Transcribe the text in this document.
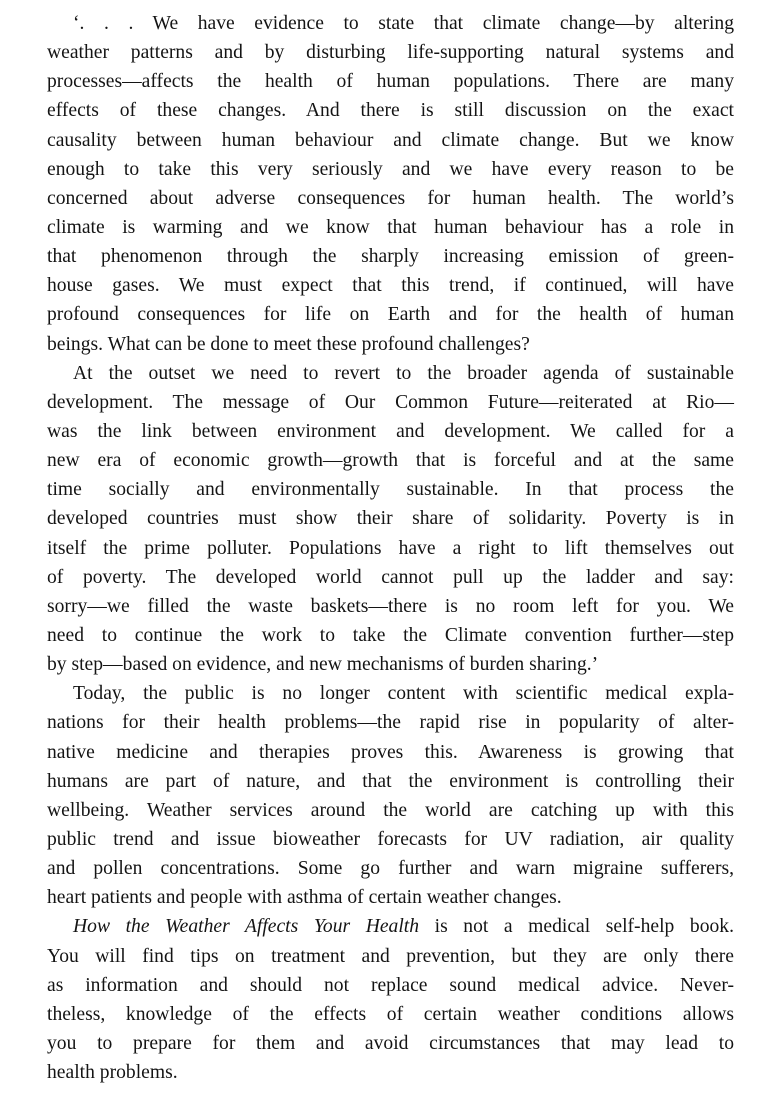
‘. . . We have evidence to state that climate change—by altering
weather patterns and by disturbing life-supporting natural systems and
processes—affects the health of human populations. There are many
effects of these changes. And there is still discussion on the exact
causality between human behaviour and climate change. But we know
enough to take this very seriously and we have every reason to be
concerned about adverse consequences for human health. The world’s
climate is warming and we know that human behaviour has a role in
that phenomenon through the sharply increasing emission of green-
house gases. We must expect that this trend, if continued, will have
profound consequences for life on Earth and for the health of human
beings. What can be done to meet these profound challenges?
At the outset we need to revert to the broader agenda of sustainable
development. The message of Our Common Future—reiterated at Rio—
was the link between environment and development. We called for a
new era of economic growth—growth that is forceful and at the same
time socially and environmentally sustainable. In that process the
developed countries must show their share of solidarity. Poverty is in
itself the prime polluter. Populations have a right to lift themselves out
of poverty. The developed world cannot pull up the ladder and say:
sorry—we filled the waste baskets—there is no room left for you. We
need to continue the work to take the Climate convention further—step
by step—based on evidence, and new mechanisms of burden sharing.’
Today, the public is no longer content with scientific medical expla-
nations for their health problems—the rapid rise in popularity of alter-
native medicine and therapies proves this. Awareness is growing that
humans are part of nature, and that the environment is controlling their
wellbeing. Weather services around the world are catching up with this
public trend and issue bioweather forecasts for UV radiation, air quality
and pollen concentrations. Some go further and warn migraine sufferers,
heart patients and people with asthma of certain weather changes.
How the Weather Affects Your Health is not a medical self-help book.
You will find tips on treatment and prevention, but they are only there
as information and should not replace sound medical advice. Never-
theless, knowledge of the effects of certain weather conditions allows
you to prepare for them and avoid circumstances that may lead to
health problems.
